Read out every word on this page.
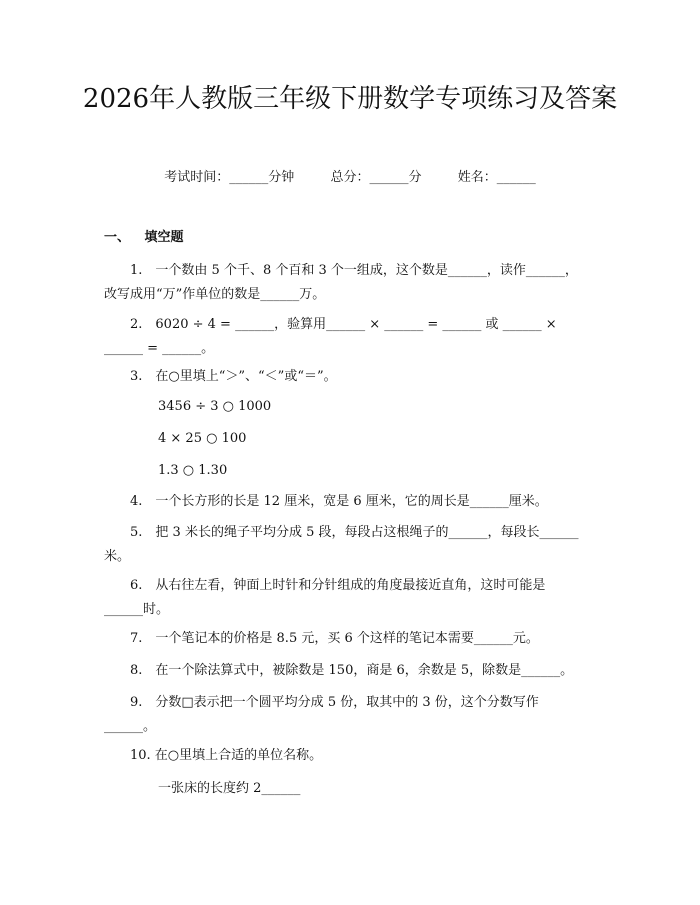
2026年人教版三年级下册数学专项练习及答案
考试时间：______分钟	总分：______分	姓名：______
一、 填空题
1.　一个数由 5 个千、8 个百和 3 个一组成，这个数是______，读作______，
改写成用“万”作单位的数是______万。
2.　6020 ÷ 4 = ______，验算用______ × ______ = ______ 或 ______ ×
______ = ______。
3.　在○里填上“＞”、“＜”或“＝”。
3456 ÷ 3 ○ 1000
4 × 25 ○ 100
1.3 ○ 1.30
4.　一个长方形的长是 12 厘米，宽是 6 厘米，它的周长是______厘米。
5.　把 3 米长的绳子平均分成 5 段，每段占这根绳子的______，每段长______
米。
6.　从右往左看，钟面上时针和分针组成的角度最接近直角，这时可能是
______时。
7.　一个笔记本的价格是 8.5 元，买 6 个这样的笔记本需要______元。
8.　在一个除法算式中，被除数是 150，商是 6，余数是 5，除数是______。
9.　分数□表示把一个圆平均分成 5 份，取其中的 3 份，这个分数写作
______。
10. 在○里填上合适的单位名称。
一张床的长度约 2______
